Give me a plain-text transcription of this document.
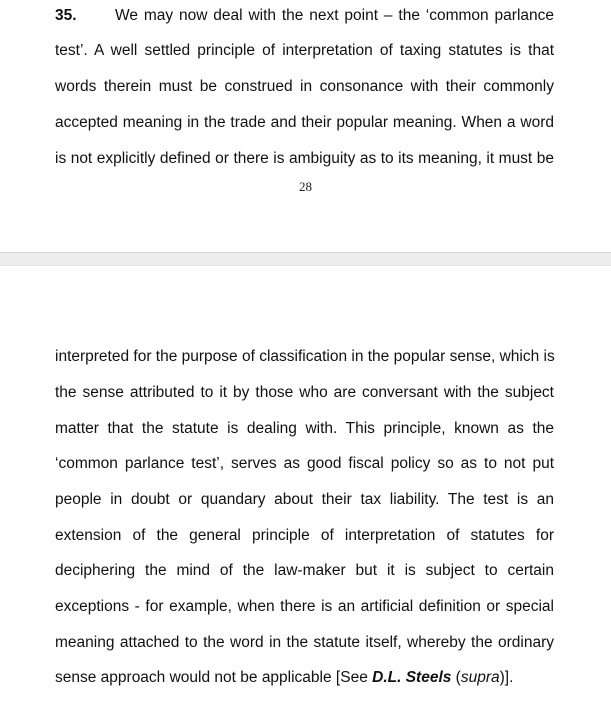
35. We may now deal with the next point – the ‘common parlance
test’. A well settled principle of interpretation of taxing statutes is that
words therein must be construed in consonance with their commonly
accepted meaning in the trade and their popular meaning. When a word
is not explicitly defined or there is ambiguity as to its meaning, it must be
28
interpreted for the purpose of classification in the popular sense, which is
the sense attributed to it by those who are conversant with the subject
matter that the statute is dealing with. This principle, known as the
‘common parlance test’, serves as good fiscal policy so as to not put
people in doubt or quandary about their tax liability. The test is an
extension of the general principle of interpretation of statutes for
deciphering the mind of the law-maker but it is subject to certain
exceptions - for example, when there is an artificial definition or special
meaning attached to the word in the statute itself, whereby the ordinary
sense approach would not be applicable [See D.L. Steels (supra)].
